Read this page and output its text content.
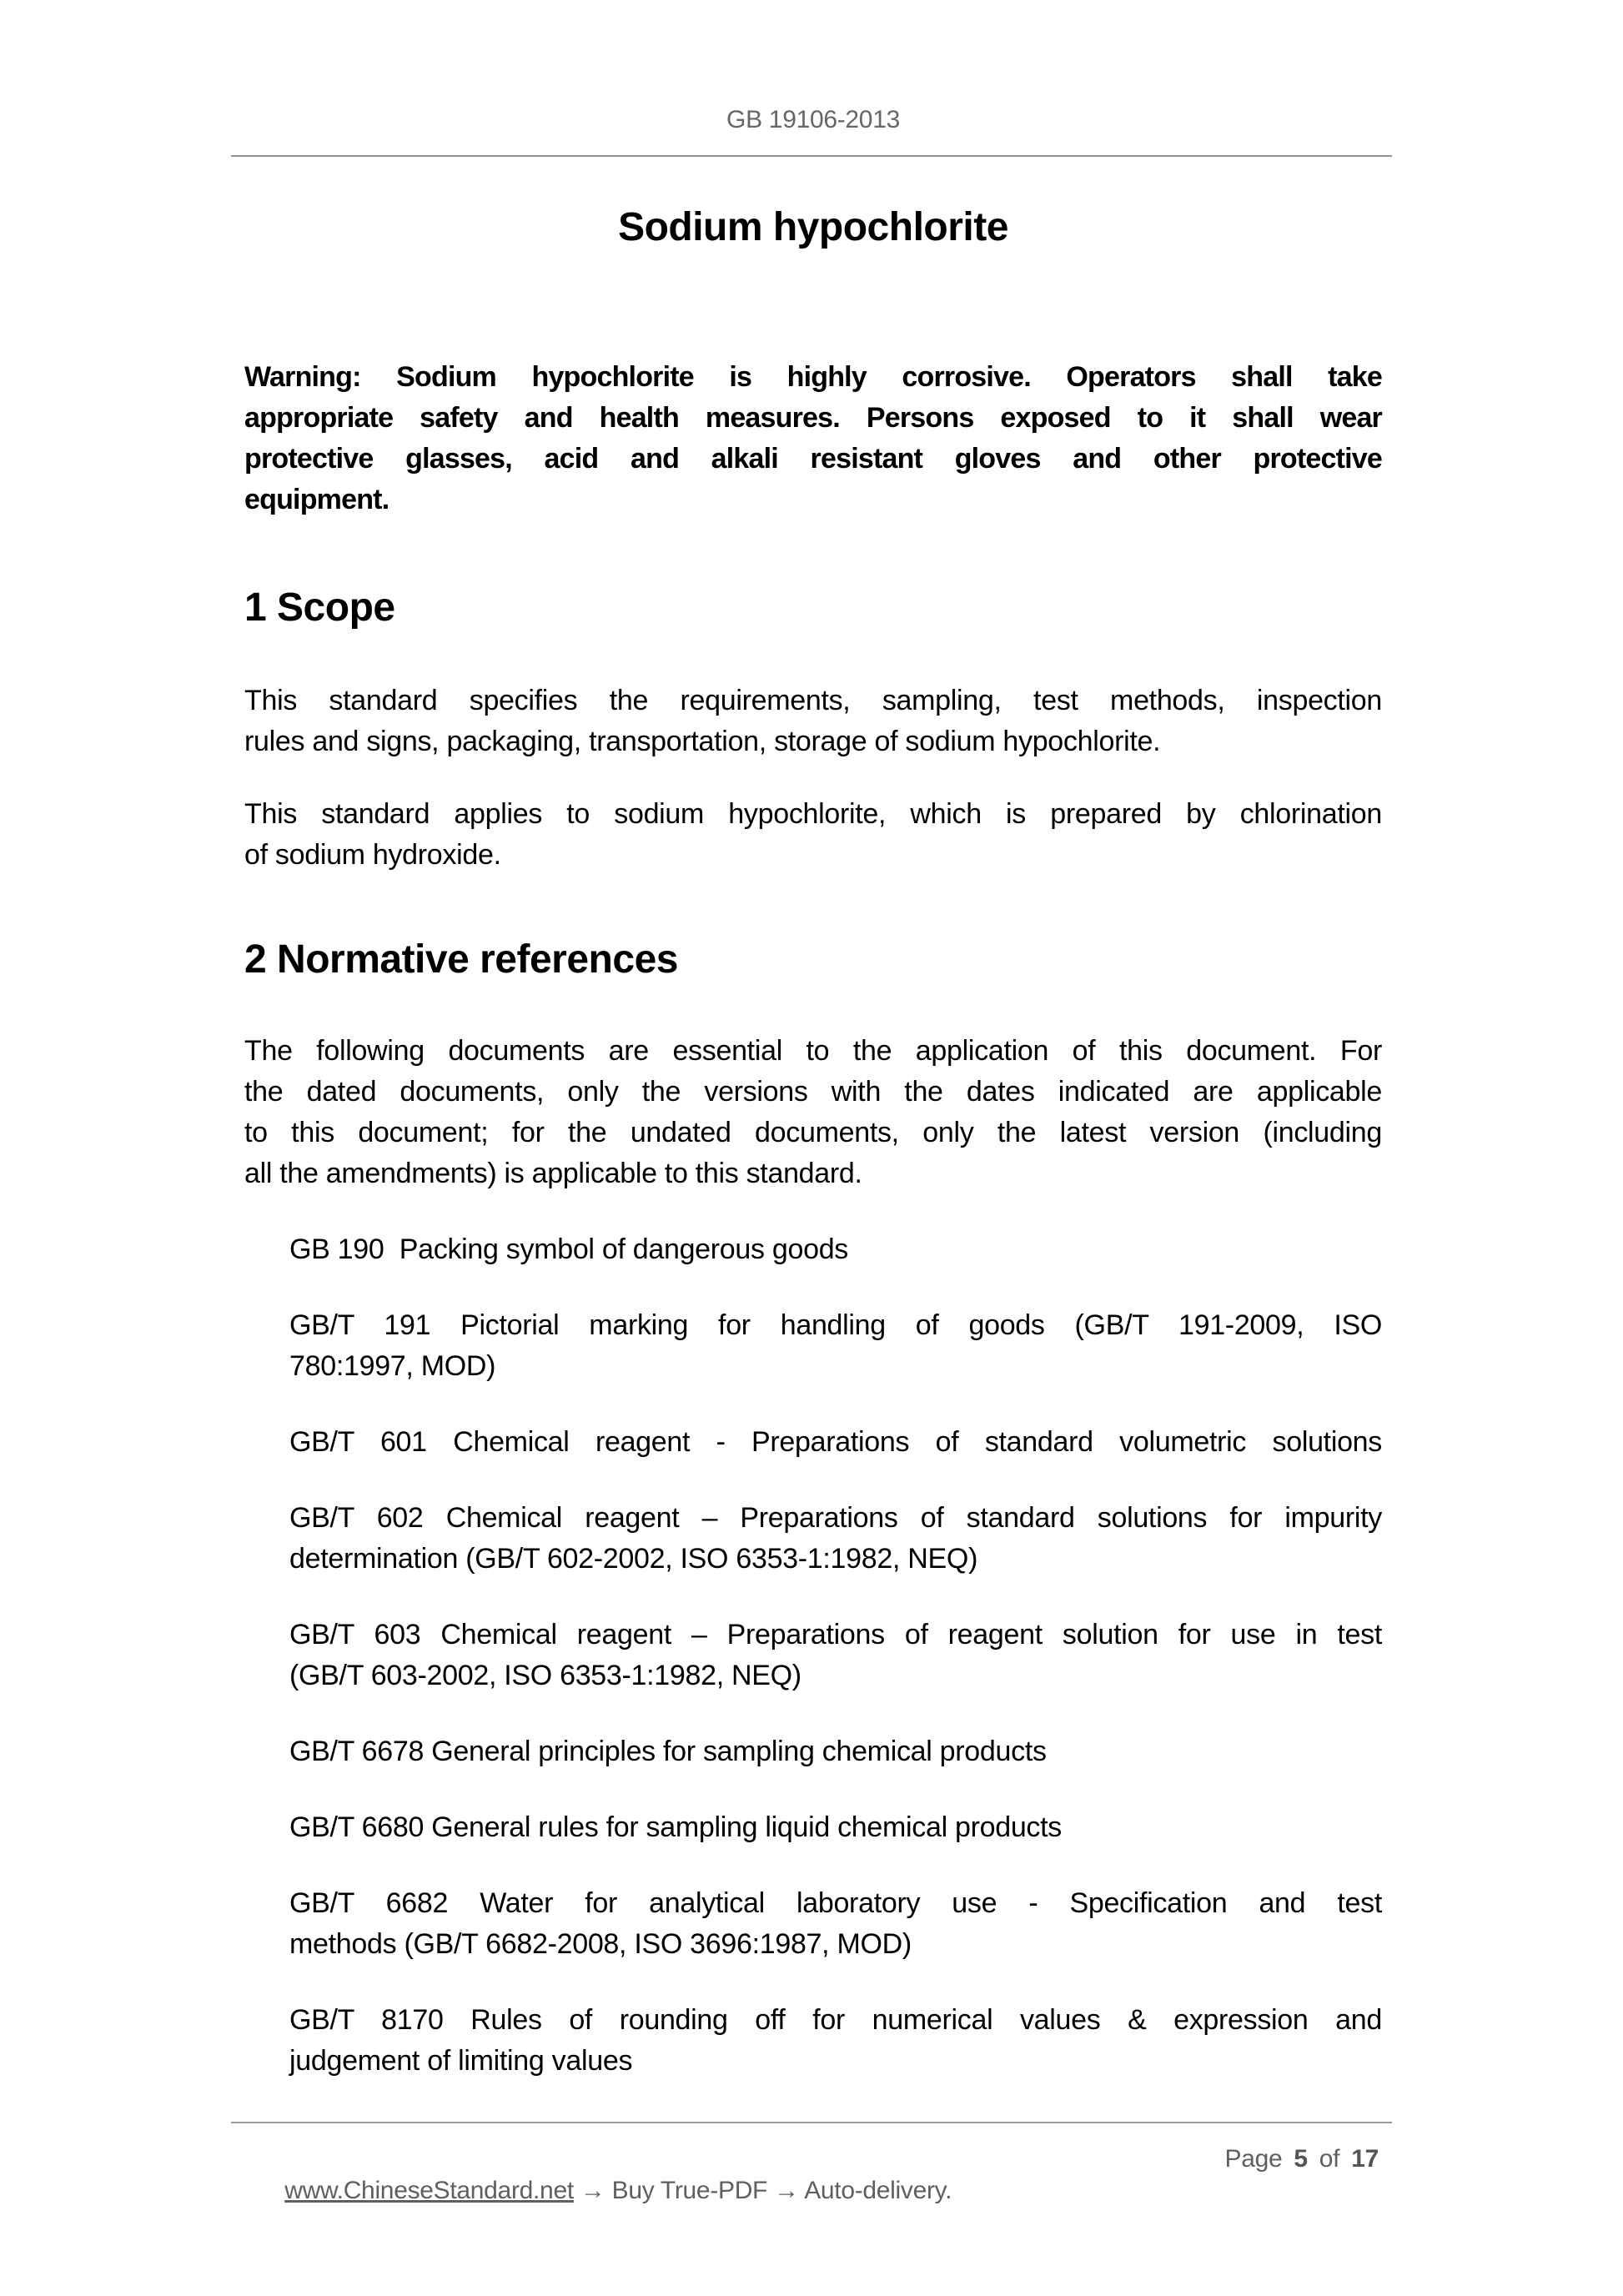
GB 19106-2013
Sodium hypochlorite
Warning: Sodium hypochlorite is highly corrosive. Operators shall take
appropriate safety and health measures. Persons exposed to it shall wear
protective glasses, acid and alkali resistant gloves and other protective
equipment.
1 Scope
This standard specifies the requirements, sampling, test methods, inspection
rules and signs, packaging, transportation, storage of sodium hypochlorite.
This standard applies to sodium hypochlorite, which is prepared by chlorination
of sodium hydroxide.
2 Normative references
The following documents are essential to the application of this document. For
the dated documents, only the versions with the dates indicated are applicable
to this document; for the undated documents, only the latest version (including
all the amendments) is applicable to this standard.
GB 190  Packing symbol of dangerous goods
GB/T 191 Pictorial marking for handling of goods (GB/T 191-2009, ISO
780:1997, MOD)
GB/T 601 Chemical reagent - Preparations of standard volumetric solutions
GB/T 602 Chemical reagent – Preparations of standard solutions for impurity
determination (GB/T 602-2002, ISO 6353-1:1982, NEQ)
GB/T 603 Chemical reagent – Preparations of reagent solution for use in test
(GB/T 603-2002, ISO 6353-1:1982, NEQ)
GB/T 6678 General principles for sampling chemical products
GB/T 6680 General rules for sampling liquid chemical products
GB/T 6682 Water for analytical laboratory use - Specification and test
methods (GB/T 6682-2008, ISO 3696:1987, MOD)
GB/T 8170 Rules of rounding off for numerical values & expression and
judgement of limiting values

www.ChineseStandard.net → Buy True-PDF → Auto-delivery.

Page 5 of 17
